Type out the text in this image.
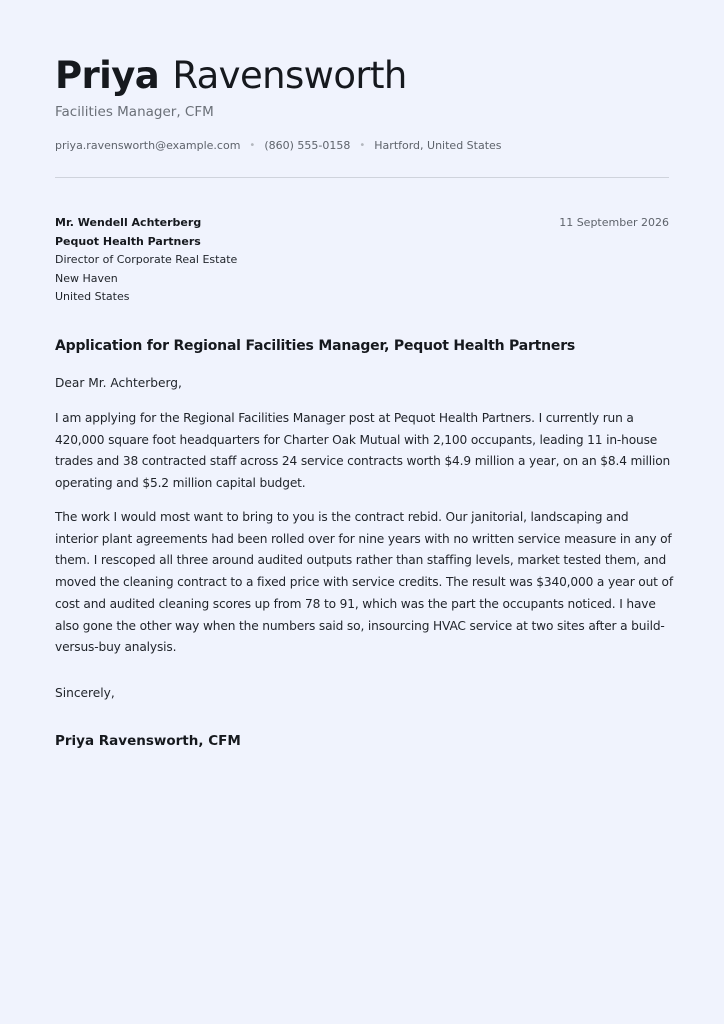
Priya Ravensworth
Facilities Manager, CFM
priya.ravensworth@example.com • (860) 555-0158 • Hartford, United States
Mr. Wendell Achterberg
Pequot Health Partners
Director of Corporate Real Estate
New Haven
United States
11 September 2026
Application for Regional Facilities Manager, Pequot Health Partners
Dear Mr. Achterberg,
I am applying for the Regional Facilities Manager post at Pequot Health Partners. I currently run a 420,000 square foot headquarters for Charter Oak Mutual with 2,100 occupants, leading 11 in-house trades and 38 contracted staff across 24 service contracts worth $4.9 million a year, on an $8.4 million operating and $5.2 million capital budget.
The work I would most want to bring to you is the contract rebid. Our janitorial, landscaping and interior plant agreements had been rolled over for nine years with no written service measure in any of them. I rescoped all three around audited outputs rather than staffing levels, market tested them, and moved the cleaning contract to a fixed price with service credits. The result was $340,000 a year out of cost and audited cleaning scores up from 78 to 91, which was the part the occupants noticed. I have also gone the other way when the numbers said so, insourcing HVAC service at two sites after a build-versus-buy analysis.
Sincerely,
Priya Ravensworth, CFM
